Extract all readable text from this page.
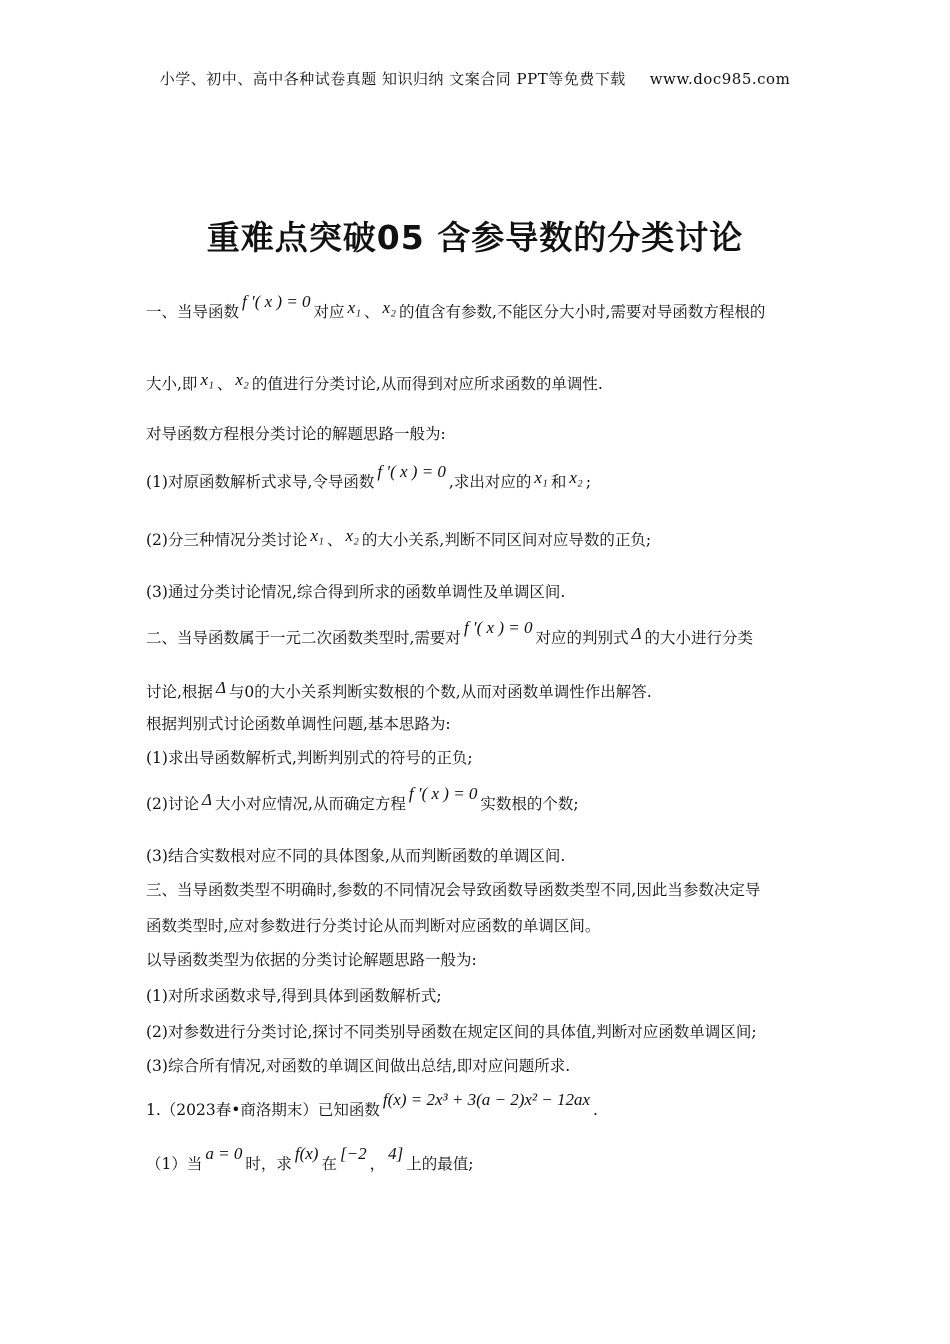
小学、初中、高中各种试卷真题 知识归纳 文案合同 PPT等免费下载 www.doc985.com
重难点突破05 含参导数的分类讨论
一、当导函数f ′( x ) = 0对应 x₁ 、 x₂ 的值含有参数,不能区分大小时,需要对导函数方程根的
大小,即 x₁ 、 x₂ 的值进行分类讨论,从而得到对应所求函数的单调性.
对导函数方程根分类讨论的解题思路一般为:
(1)对原函数解析式求导,令导函数f ′( x ) = 0,求出对应的 x₁ 和 x₂ ;
(2)分三种情况分类讨论 x₁ 、 x₂ 的大小关系,判断不同区间对应导数的正负;
(3)通过分类讨论情况,综合得到所求的函数单调性及单调区间.
二、当导函数属于一元二次函数类型时,需要对f ′( x ) = 0对应的判别式 Δ 的大小进行分类
讨论,根据 Δ 与0的大小关系判断实数根的个数,从而对函数单调性作出解答.
根据判别式讨论函数单调性问题,基本思路为:
(1)求出导函数解析式,判断判别式的符号的正负;
(2)讨论 Δ 大小对应情况,从而确定方程f ′( x ) = 0实数根的个数;
(3)结合实数根对应不同的具体图象,从而判断函数的单调区间.
三、当导函数类型不明确时,参数的不同情况会导致函数导函数类型不同,因此当参数决定导
函数类型时,应对参数进行分类讨论从而判断对应函数的单调区间。
以导函数类型为依据的分类讨论解题思路一般为:
(1)对所求函数求导,得到具体到函数解析式;
(2)对参数进行分类讨论,探讨不同类别导函数在规定区间的具体值,判断对应函数单调区间;
(3)综合所有情况,对函数的单调区间做出总结,即对应问题所求.
1.（2023春•商洛期末）已知函数f(x) = 2x³ + 3(a − 2)x² − 12ax.
（1）当a = 0时，求f(x)在[−2，4]上的最值;
